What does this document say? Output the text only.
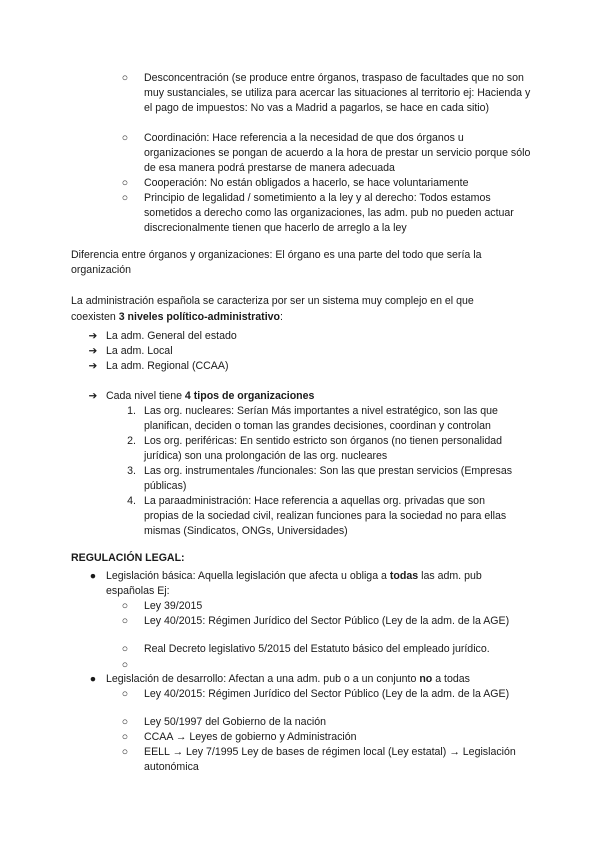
○	Desconcentración (se produce entre órganos, traspaso de facultades que no son muy sustanciales, se utiliza para acercar las situaciones al territorio ej: Hacienda y el pago de impuestos: No vas a Madrid a pagarlos, se hace en cada sitio)
○	Coordinación: Hace referencia a la necesidad de que dos órganos u organizaciones se pongan de acuerdo a la hora de prestar un servicio porque sólo de esa manera podrá prestarse de manera adecuada
○	Cooperación: No están obligados a hacerlo, se hace voluntariamente
○	Principio de legalidad / sometimiento a la ley y al derecho: Todos estamos sometidos a derecho como las organizaciones, las adm. pub no pueden actuar discrecionalmente tienen que hacerlo de arreglo a la ley
Diferencia entre órganos y organizaciones: El órgano es una parte del todo que sería la organización
La administración española se caracteriza por ser un sistema muy complejo en el que coexisten 3 niveles político-administrativo:
➔ La adm. General del estado
➔ La adm. Local
➔ La adm. Regional (CCAA)
➔ Cada nivel tiene 4 tipos de organizaciones
1. Las org. nucleares: Serían Más importantes a nivel estratégico, son las que planifican, deciden o toman las grandes decisiones, coordinan y controlan
2. Los org. periféricas: En sentido estricto son órganos (no tienen personalidad jurídica) son una prolongación de las org. nucleares
3. Las org. instrumentales /funcionales: Son las que prestan servicios (Empresas públicas)
4. La paraadministración: Hace referencia a aquellas org. privadas que son propias de la sociedad civil, realizan funciones para la sociedad no para ellas mismas (Sindicatos, ONGs, Universidades)
REGULACIÓN LEGAL:
● Legislación básica: Aquella legislación que afecta u obliga a todas las adm. pub españolas Ej:
○	Ley 39/2015
○	Ley 40/2015: Régimen Jurídico del Sector Público (Ley de la adm. de la AGE)
○	Real Decreto legislativo 5/2015 del Estatuto básico del empleado jurídico.
○
● Legislación de desarrollo: Afectan a una adm. pub o a un conjunto no a todas
○	Ley 40/2015: Régimen Jurídico del Sector Público (Ley de la adm. de la AGE)
○	Ley 50/1997 del Gobierno de la nación
○	CCAA → Leyes de gobierno y Administración
○	EELL → Ley 7/1995 Ley de bases de régimen local (Ley estatal) → Legislación autonómica
